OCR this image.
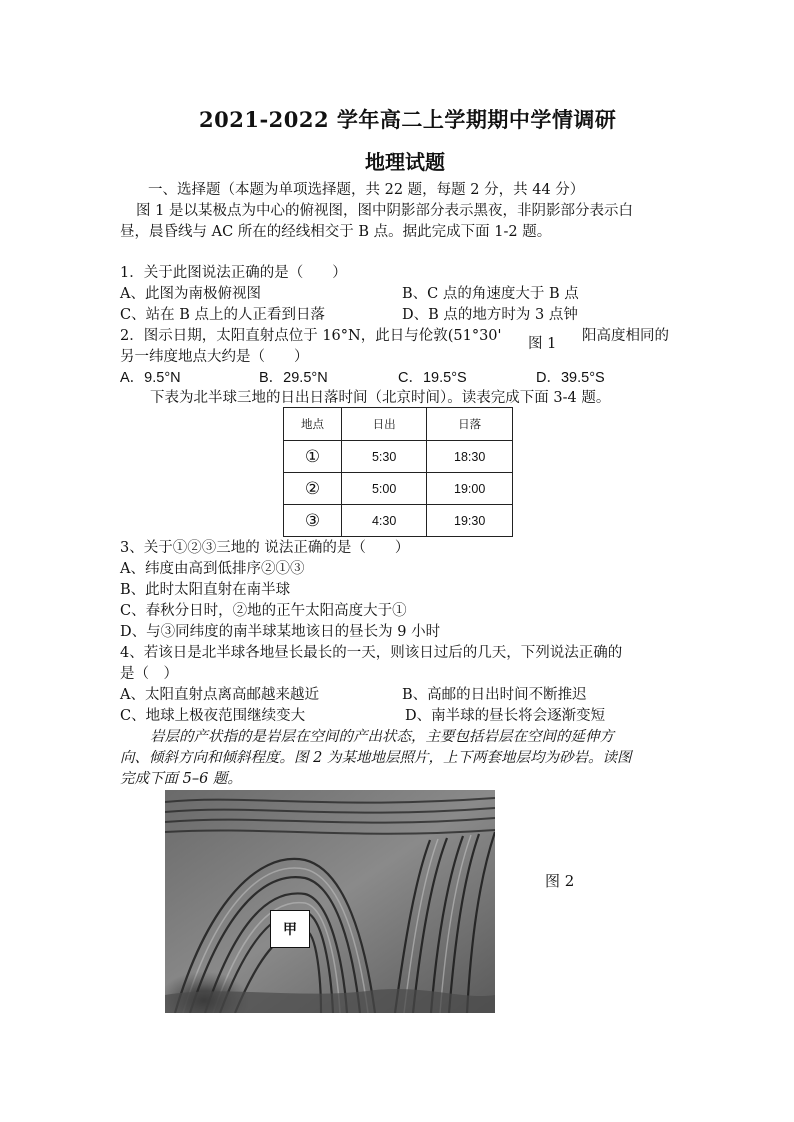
2021-2022 学年高二上学期期中学情调研
地理试题
一、选择题（本题为单项选择题，共 22 题，每题 2 分，共 44 分）
图 1 是以某极点为中心的俯视图，图中阴影部分表示黑夜，非阴影部分表示白
昼，晨昏线与 AC 所在的经线相交于 B 点。据此完成下面 1-2 题。
1．关于此图说法正确的是（　　）
A、此图为南极俯视图	B、C 点的角速度大于 B 点
C、站在 B 点上的人正看到日落	D、B 点的地方时为 3 点钟
2．图示日期，太阳直射点位于 16°N，此日与伦敦(51°30'	阳高度相同的
另一纬度地点大约是（　　）
图 1
A．9.5°N	B．29.5°N	C．19.5°S	D．39.5°S
下表为北半球三地的日出日落时间（北京时间）。读表完成下面 3-4 题。
地点	日出	日落
①	5:30	18:30
②	5:00	19:00
③	4:30	19:30
3、关于①②③三地的 说法正确的是（　　）
A、纬度由高到低排序②①③
B、此时太阳直射在南半球
C、春秋分日时，②地的正午太阳高度大于①
D、与③同纬度的南半球某地该日的昼长为 9 小时
4、若该日是北半球各地昼长最长的一天，则该日过后的几天，下列说法正确的
是（　）
A、太阳直射点离高邮越来越近	B、高邮的日出时间不断推迟
C、地球上极夜范围继续变大	D、南半球的昼长将会逐渐变短
岩层的产状指的是岩层在空间的产出状态，主要包括岩层在空间的延伸方
向、倾斜方向和倾斜程度。图 2 为某地地层照片，上下两套地层均为砂岩。读图
完成下面 5–6 题。
甲
图 2
